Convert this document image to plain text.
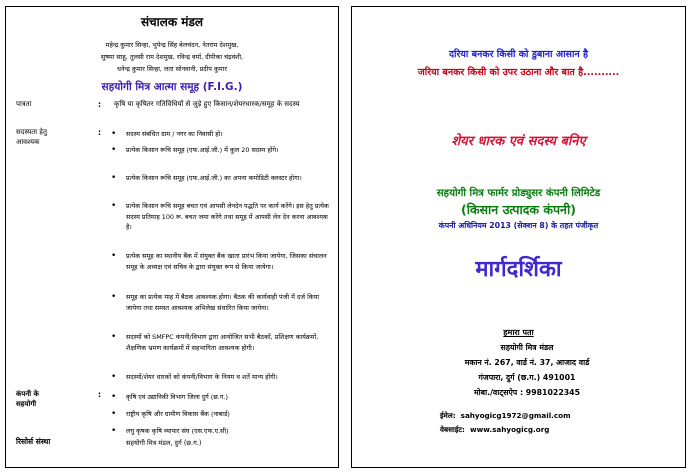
संचालक मंडल
महेन्द्र कुमार सिन्हा, भुपेन्द्र सिंह बेलचंदन, नेतराम देशमुख,
सुषमा साहू, तुलसी राम देशमुख, रविन्द्र वर्मा, दीपीका चंद्रवंशी,
धनेन्द्र कुमार सिन्हा, लता सोनवानी, प्रदीप कुमार
सहयोगी मित्र आत्मा समूह (F.I.G.)
पात्रता	: कृषि या कृषितर गतिविधियों से जुड़े हुए किसान/शेयरधारक/समूह के सदस्य
सदस्यता हेतु
आवश्यक
: • सदस्य संबंधित ग्राम / नगर का निवासी हो।
• प्रत्येक किसान रूचि समूह (एफ.आई.जी.) में कुल 20 सदस्य होंगे।
• प्रत्येक किसान रूचि समूह (एफ.आई.जी.) का अपना कमोडिटी क्लस्टर होगा।
• प्रत्येक किसान रूचि समूह बचत एवं आपसी लेनदेन पद्धति पर कार्य करेंगे। इस हेतु प्रत्येक सदस्य प्रतिमाह 100 रू. बचत जमा करेंगे तथा समूह में आपसी लेन देन करना आवश्यक है।
• प्रत्येक समूह का स्थानीय बैंक में संयुक्त बैंक खाता प्रारंभ किया जायेगा, जिसका संचालन समूह के अध्यक्ष एवं सचिव के द्वारा संयुक्त रूप से किया जायेगा।
• समूह का प्रत्येक माह में बैठक आवश्यक होगा। बैठक की कार्यवाही पंजी में दर्ज किया जायेगा तथा समस्त आवश्यक अभिलेख संधारित किया जायेगा।
• सदस्यों को SMFPC कंपनी/विभाग द्वारा आयोजित सभी बैठकों, प्रशिक्षण कार्यक्रमों, शैक्षणिक भ्रमण कार्यक्रमों में सहभागिता आवश्यक होगी।
• सदस्यों/शेयर धारकों को कंपनी/विभाग के नियम व शर्ते मान्य होंगी।
कंपनी के
सहयोगी
: • कृषि एवं उद्यानिकी विभाग जिला दुर्ग (छ.ग.)
• राष्ट्रीय कृषि और ग्रामीण विकास बैंक (नाबार्ड)
• लघु कृषक कृषि व्यापार संघ (एस.एफ.ए.सी)
रिसोर्स संस्था	सहयोगी मित्र मंडल, दुर्ग (छ.ग.)
दरिया बनकर किसी को डुबाना आसान है
जरिया बनकर किसी को उपर उठाना और बात है..........
शेयर धारक एवं सदस्य बनिए
सहयोगी मित्र फार्मर प्रोड्युसर कंपनी लिमिटेड
(किसान उत्पादक कंपनी)
कंपनी अधिनियम 2013 (सेक्शन 8) के तहत पंजीकृत
मार्गदर्शिका
हमारा पता
सहयोगी मित्र मंडल
मकान नं. 267, वार्ड नं. 37, आजाद वार्ड
गंजपारा, दुर्ग (छ.ग.) 491001
मोबा./वाट्सऐप : 9981022345
ईमेल: sahyogicg1972@gmail.com
वेबसाईट: www.sahyogicg.org
